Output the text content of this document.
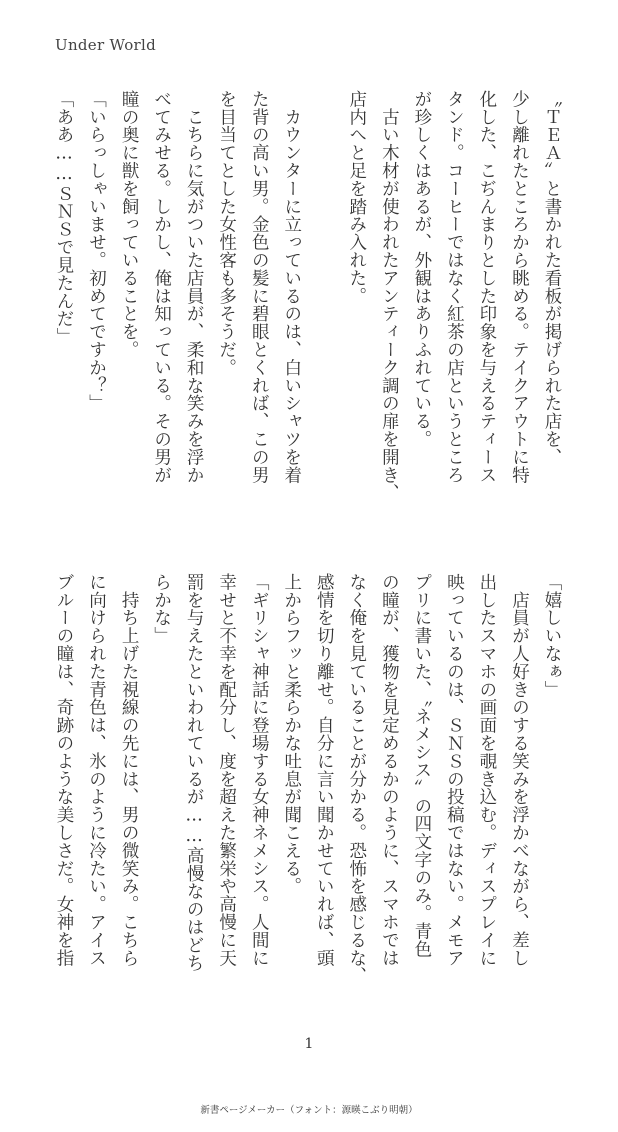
Under World
〝ＴＥＡ〟と書かれた看板が掲げられた店を、
少し離れたところから眺める。テイクアウトに特
化した、こぢんまりとした印象を与えるティース
タンド。コーヒーではなく紅茶の店というところ
が珍しくはあるが、外観はありふれている。
　古い木材が使われたアンティーク調の扉を開き、
店内へと足を踏み入れた。
　カウンターに立っているのは、白いシャツを着
た背の高い男。金色の髪に碧眼とくれば、この男
を目当てとした女性客も多そうだ。
　こちらに気がついた店員が、柔和な笑みを浮か
べてみせる。しかし、俺は知っている。その男が
瞳の奥に獣を飼っていることを。
「いらっしゃいませ。初めてですか？」
「ああ……ＳＮＳで見たんだ」
「嬉しいなぁ」
　店員が人好きのする笑みを浮かべながら、差し
出したスマホの画面を覗き込む。ディスプレイに
映っているのは、ＳＮＳの投稿ではない。メモア
プリに書いた、〝ネメシス〟の四文字のみ。青色
の瞳が、獲物を見定めるかのように、スマホでは
なく俺を見ていることが分かる。恐怖を感じるな、
感情を切り離せ。自分に言い聞かせていれば、頭
上からフッと柔らかな吐息が聞こえる。
「ギリシャ神話に登場する女神ネメシス。人間に
幸せと不幸を配分し、度を超えた繁栄や高慢に天
罰を与えたといわれているが……高慢なのはどち
らかな」
　持ち上げた視線の先には、男の微笑み。こちら
に向けられた青色は、氷のように冷たい。アイス
ブルーの瞳は、奇跡のような美しさだ。女神を指
1
新書ページメーカー（フォント：源暎こぶり明朝）
